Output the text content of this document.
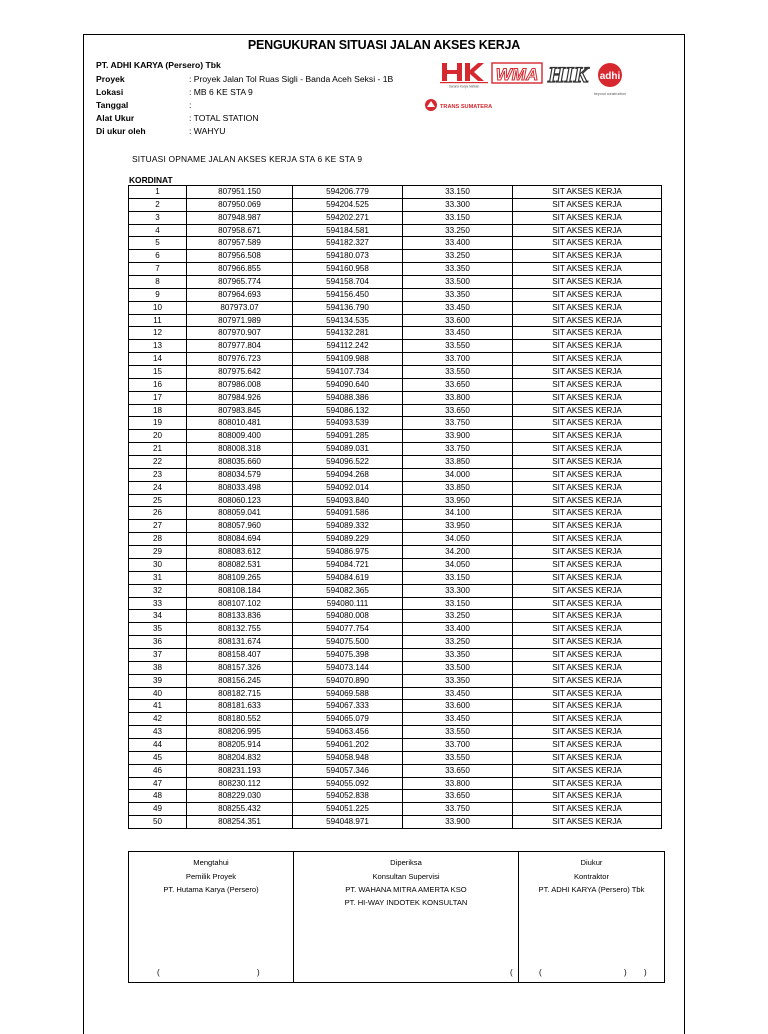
PENGUKURAN SITUASI JALAN AKSES KERJA
PT. ADHI KARYA (Persero) Tbk
Proyek	: Proyek Jalan Tol Ruas Sigli - Banda Aceh Seksi - 1B
Lokasi	: MB 6 KE STA 9
Tanggal	:
Alat Ukur	: TOTAL STATION
Di ukur oleh	: WAHYU
Sarana Karya Nafkah
WMA HIK adhi
beyond construction
TRANS SUMATERA
SITUASI OPNAME JALAN AKSES KERJA STA 6 KE STA 9
KORDINAT
1	807951.150	594206.779	33.150	SIT AKSES KERJA
2	807950.069	594204.525	33.300	SIT AKSES KERJA
3	807948.987	594202.271	33.150	SIT AKSES KERJA
4	807958.671	594184.581	33.250	SIT AKSES KERJA
5	807957.589	594182.327	33.400	SIT AKSES KERJA
6	807956.508	594180.073	33.250	SIT AKSES KERJA
7	807966.855	594160.958	33.350	SIT AKSES KERJA
8	807965.774	594158.704	33.500	SIT AKSES KERJA
9	807964.693	594156.450	33.350	SIT AKSES KERJA
10	807973.07	594136.790	33.450	SIT AKSES KERJA
11	807971.989	594134.535	33.600	SIT AKSES KERJA
12	807970.907	594132.281	33.450	SIT AKSES KERJA
13	807977.804	594112.242	33.550	SIT AKSES KERJA
14	807976.723	594109.988	33.700	SIT AKSES KERJA
15	807975.642	594107.734	33.550	SIT AKSES KERJA
16	807986.008	594090.640	33.650	SIT AKSES KERJA
17	807984.926	594088.386	33.800	SIT AKSES KERJA
18	807983.845	594086.132	33.650	SIT AKSES KERJA
19	808010.481	594093.539	33.750	SIT AKSES KERJA
20	808009.400	594091.285	33.900	SIT AKSES KERJA
21	808008.318	594089.031	33.750	SIT AKSES KERJA
22	808035.660	594096.522	33.850	SIT AKSES KERJA
23	808034.579	594094.268	34.000	SIT AKSES KERJA
24	808033.498	594092.014	33.850	SIT AKSES KERJA
25	808060.123	594093.840	33.950	SIT AKSES KERJA
26	808059.041	594091.586	34.100	SIT AKSES KERJA
27	808057.960	594089.332	33.950	SIT AKSES KERJA
28	808084.694	594089.229	34.050	SIT AKSES KERJA
29	808083.612	594086.975	34.200	SIT AKSES KERJA
30	808082.531	594084.721	34.050	SIT AKSES KERJA
31	808109.265	594084.619	33.150	SIT AKSES KERJA
32	808108.184	594082.365	33.300	SIT AKSES KERJA
33	808107.102	594080.111	33.150	SIT AKSES KERJA
34	808133.836	594080.008	33.250	SIT AKSES KERJA
35	808132.755	594077.754	33.400	SIT AKSES KERJA
36	808131.674	594075.500	33.250	SIT AKSES KERJA
37	808158.407	594075.398	33.350	SIT AKSES KERJA
38	808157.326	594073.144	33.500	SIT AKSES KERJA
39	808156.245	594070.890	33.350	SIT AKSES KERJA
40	808182.715	594069.588	33.450	SIT AKSES KERJA
41	808181.633	594067.333	33.600	SIT AKSES KERJA
42	808180.552	594065.079	33.450	SIT AKSES KERJA
43	808206.995	594063.456	33.550	SIT AKSES KERJA
44	808205.914	594061.202	33.700	SIT AKSES KERJA
45	808204.832	594058.948	33.550	SIT AKSES KERJA
46	808231.193	594057.346	33.650	SIT AKSES KERJA
47	808230.112	594055.092	33.800	SIT AKSES KERJA
48	808229.030	594052.838	33.650	SIT AKSES KERJA
49	808255.432	594051.225	33.750	SIT AKSES KERJA
50	808254.351	594048.971	33.900	SIT AKSES KERJA
Mengtahui
Pemilik Proyek
PT. Hutama Karya (Persero)
(	)

Diperiksa
Konsultan Supervisi
PT. WAHANA MITRA AMERTA KSO
PT. HI-WAY INDOTEK KONSULTAN
(	)

Diukur
Kontraktor
PT. ADHI KARYA (Persero) Tbk
(	)
